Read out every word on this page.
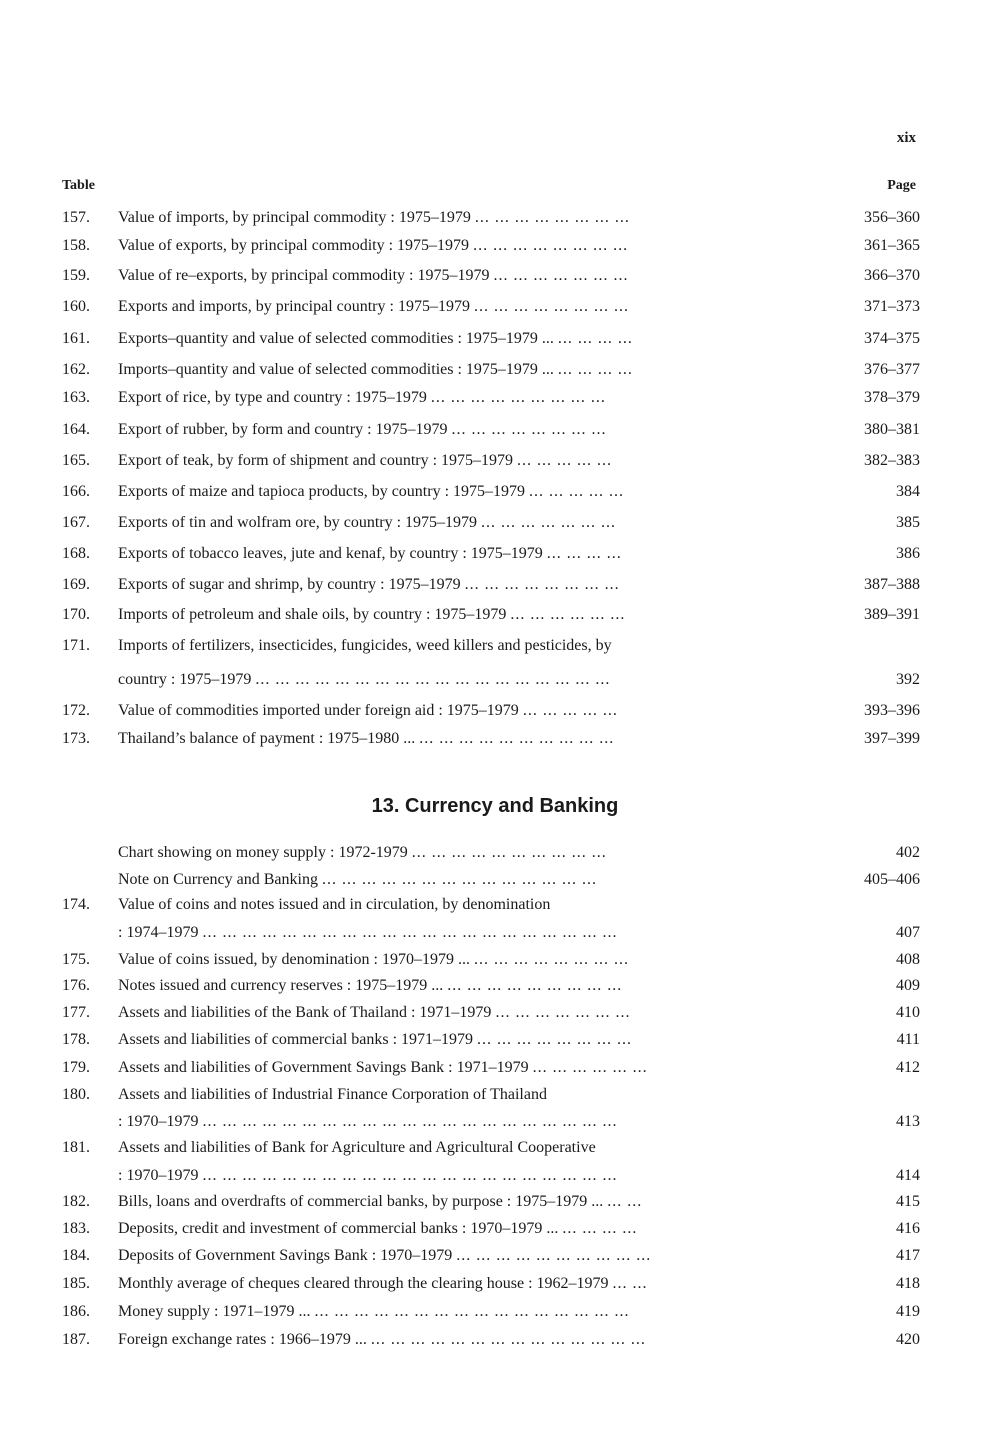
xix
Table	Page
157.	Value of imports, by principal commodity : 1975–1979 ... ... ... ... ... ... ... ...	356–360
158.	Value of exports, by principal commodity : 1975–1979 ... ... ... ... ... ... ... ...	361–365
159.	Value of re–exports, by principal commodity : 1975–1979 ... ... ... ... ... ... ...	366–370
160.	Exports and imports, by principal country : 1975–1979 ... ... ... ... ... ... ... ...	371–373
161.	Exports–quantity and value of selected commodities : 1975–1979 ... ... ... ... ...	374–375
162.	Imports–quantity and value of selected commodities : 1975–1979 ... ... ... ... ...	376–377
163.	Export of rice, by type and country : 1975–1979 ... ... ... ... ... ... ... ... ...	378–379
164.	Export of rubber, by form and country : 1975–1979 ... ... ... ... ... ... ... ...	380–381
165.	Export of teak, by form of shipment and country : 1975–1979 ... ... ... ... ...	382–383
166.	Exports of maize and tapioca products, by country : 1975–1979 ... ... ... ... ...	384
167.	Exports of tin and wolfram ore, by country : 1975–1979 ... ... ... ... ... ... ...	385
168.	Exports of tobacco leaves, jute and kenaf, by country : 1975–1979 ... ... ... ...	386
169.	Exports of sugar and shrimp, by country : 1975–1979 ... ... ... ... ... ... ... ...	387–388
170.	Imports of petroleum and shale oils, by country : 1975–1979 ... ... ... ... ... ...	389–391
171.	Imports of fertilizers, insecticides, fungicides, weed killers and pesticides, by
country : 1975–1979 ... ... ... ... ... ... ... ... ... ... ... ... ... ... ... ... ... ...	392
172.	Value of commodities imported under foreign aid : 1975–1979 ... ... ... ... ...	393–396
173.	Thailand’s balance of payment : 1975–1980 ... ... ... ... ... ... ... ... ... ... ...	397–399
13. Currency and Banking
Chart showing on money supply : 1972-1979 ... ... ... ... ... ... ... ... ... ...	402
Note on Currency and Banking ... ... ... ... ... ... ... ... ... ... ... ... ... ...	405–406
174.	Value of coins and notes issued and in circulation, by denomination
: 1974–1979 ... ... ... ... ... ... ... ... ... ... ... ... ... ... ... ... ... ... ... ... ...	407
175.	Value of coins issued, by denomination : 1970–1979 ... ... ... ... ... ... ... ... ...	408
176.	Notes issued and currency reserves : 1975–1979 ... ... ... ... ... ... ... ... ... ...	409
177.	Assets and liabilities of the Bank of Thailand : 1971–1979 ... ... ... ... ... ... ...	410
178.	Assets and liabilities of commercial banks : 1971–1979 ... ... ... ... ... ... ... ...	411
179.	Assets and liabilities of Government Savings Bank : 1971–1979 ... ... ... ... ... ...	412
180.	Assets and liabilities of Industrial Finance Corporation of Thailand
: 1970–1979 ... ... ... ... ... ... ... ... ... ... ... ... ... ... ... ... ... ... ... ... ...	413
181.	Assets and liabilities of Bank for Agriculture and Agricultural Cooperative
: 1970–1979 ... ... ... ... ... ... ... ... ... ... ... ... ... ... ... ... ... ... ... ... ...	414
182.	Bills, loans and overdrafts of commercial banks, by purpose : 1975–1979 ... ... ...	415
183.	Deposits, credit and investment of commercial banks : 1970–1979 ... ... ... ... ...	416
184.	Deposits of Government Savings Bank : 1970–1979 ... ... ... ... ... ... ... ... ... ...	417
185.	Monthly average of cheques cleared through the clearing house : 1962–1979 ... ...	418
186.	Money supply : 1971–1979 ... ... ... ... ... ... ... ... ... ... ... ... ... ... ... ... ...	419
187.	Foreign exchange rates : 1966–1979 ... ... ... ... ... ... ... ... ... ... ... ... ... ... ...	420
